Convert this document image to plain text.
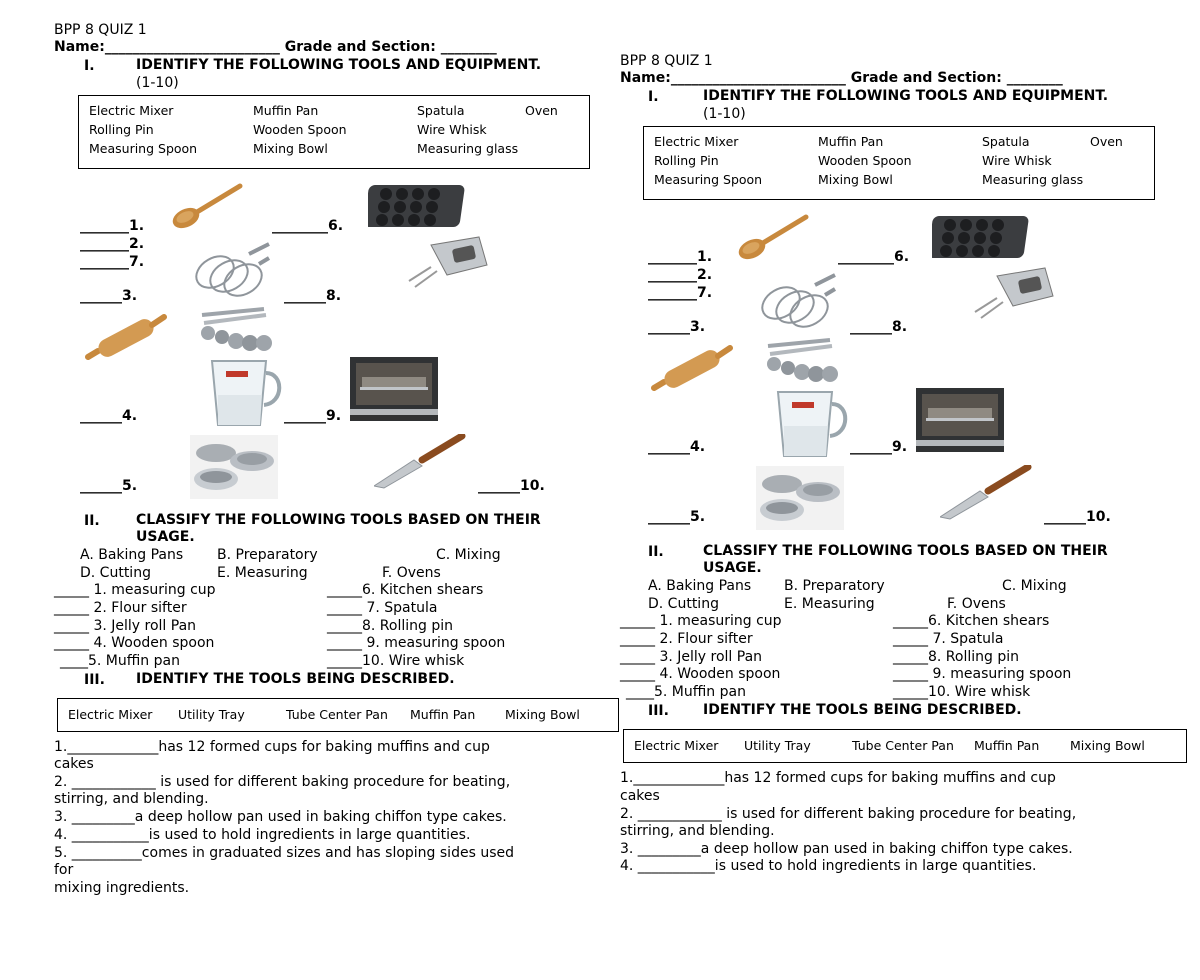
BPP 8 QUIZ 1
Name:_________________________ Grade and Section: ________
I.	IDENTIFY THE FOLLOWING TOOLS AND EQUIPMENT.
(1-10)
Electric Mixer	Muffin Pan	Spatula	Oven
Rolling Pin	Wooden Spoon	Wire Whisk
Measuring Spoon	Mixing Bowl	Measuring glass
_______1.
_______2.
_______7.
______3.
______4.
______5.
________6.
______8.
______9.
______10.
II.	CLASSIFY THE FOLLOWING TOOLS BASED ON THEIR
USAGE.
A. Baking Pans B. Preparatory	C. Mixing
D. Cutting	E. Measuring	F. Ovens
_____ 1. measuring cup
_____ 2. Flour sifter
_____ 3. Jelly roll Pan
_____ 4. Wooden spoon
____5. Muffin pan
_____6. Kitchen shears
_____ 7. Spatula
_____8. Rolling pin
_____ 9. measuring spoon
_____10. Wire whisk
III. IDENTIFY THE TOOLS BEING DESCRIBED.
Electric Mixer Utility Tray	Tube Center Pan Muffin Pan Mixing Bowl
1._____________has 12 formed cups for baking muffins and cup
cakes
2. ____________ is used for different baking procedure for beating,
stirring, and blending.
3. _________a deep hollow pan used in baking chiffon type cakes.
4. ___________is used to hold ingredients in large quantities.
5. __________comes in graduated sizes and has sloping sides used
for
mixing ingredients.
BPP 8 QUIZ 1
Name:_________________________ Grade and Section: ________
I.	IDENTIFY THE FOLLOWING TOOLS AND EQUIPMENT.
(1-10)
Electric Mixer	Muffin Pan	Spatula	Oven
Rolling Pin	Wooden Spoon	Wire Whisk
Measuring Spoon	Mixing Bowl	Measuring glass
_______1.
_______2.
_______7.
______3.
______4.
______5.
________6.
______8.
______9.
______10.
II.	CLASSIFY THE FOLLOWING TOOLS BASED ON THEIR
USAGE.
A. Baking Pans B. Preparatory	C. Mixing
D. Cutting	E. Measuring	F. Ovens
_____ 1. measuring cup
_____ 2. Flour sifter
_____ 3. Jelly roll Pan
_____ 4. Wooden spoon
____5. Muffin pan
_____6. Kitchen shears
_____ 7. Spatula
_____8. Rolling pin
_____ 9. measuring spoon
_____10. Wire whisk
III. IDENTIFY THE TOOLS BEING DESCRIBED.
Electric Mixer Utility Tray	Tube Center Pan Muffin Pan Mixing Bowl
1._____________has 12 formed cups for baking muffins and cup
cakes
2. ____________ is used for different baking procedure for beating,
stirring, and blending.
3. _________a deep hollow pan used in baking chiffon type cakes.
4. ___________is used to hold ingredients in large quantities.
